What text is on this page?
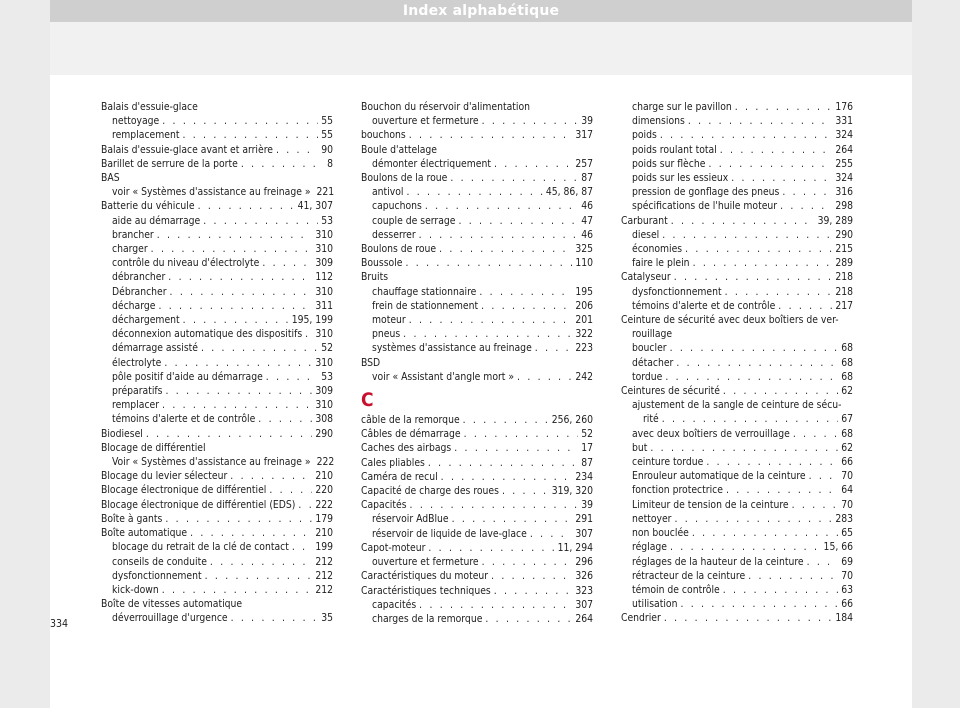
Index alphabétique
Balais d'essuie-glace
nettoyage . . .	55
remplacement . . .	55
Balais d'essuie-glace avant et arrière . . .	90
Barillet de serrure de la porte . . .	8
BAS
voir « Systèmes d'assistance au freinage » 221
Batterie du véhicule . . .	41, 307
aide au démarrage . . .	53
brancher . . .	310
charger . . .	310
contrôle du niveau d'électrolyte . . .	309
débrancher . . .	112
Débrancher . . .	310
décharge . . .	311
déchargement . . .	195, 199
déconnexion automatique des dispositifs . . . 310
démarrage assisté . . .	52
électrolyte . . .	310
pôle positif d'aide au démarrage . . .	53
préparatifs . . .	309
remplacer . . .	310
témoins d'alerte et de contrôle . . .	308
Biodiesel . . .	290
Blocage de différentiel
Voir « Systèmes d'assistance au freinage » 222
Blocage du levier sélecteur . . .	210
Blocage électronique de différentiel . . .	220
Blocage électronique de différentiel (EDS) . . . 222
Boîte à gants . . .	179
Boîte automatique . . .	210
blocage du retrait de la clé de contact . . .	199
conseils de conduite . . .	212
dysfonctionnement . . .	212
kick-down . . .	212
Boîte de vitesses automatique
déverrouillage d'urgence . . .	35
Bouchon du réservoir d'alimentation
ouverture et fermeture . . .	39
bouchons . . .	317
Boule d'attelage
démonter électriquement . . .	257
Boulons de la roue . . .	87
antivol . . .	45, 86, 87
capuchons . . .	46
couple de serrage . . .	47
desserrer . . .	46
Boulons de roue . . .	325
Boussole . . .	110
Bruits
chauffage stationnaire . . .	195
frein de stationnement . . .	206
moteur . . .	201
pneus . . .	322
systèmes d'assistance au freinage . . .	223
BSD
voir « Assistant d'angle mort » . . .	242
C
câble de la remorque . . .	256, 260
Câbles de démarrage . . .	52
Caches des airbags . . .	17
Cales pliables . . .	87
Caméra de recul . . .	234
Capacité de charge des roues . . .	319, 320
Capacités . . .	39
réservoir AdBlue . . .	291
réservoir de liquide de lave-glace . . .	307
Capot-moteur . . .	11, 294
ouverture et fermeture . . .	296
Caractéristiques du moteur . . .	326
Caractéristiques techniques . . .	323
capacités . . .	307
charges de la remorque . . .	264
charge sur le pavillon . . .	176
dimensions . . .	331
poids . . .	324
poids roulant total . . .	264
poids sur flèche . . .	255
poids sur les essieux . . .	324
pression de gonflage des pneus . . .	316
spécifications de l'huile moteur . . .	298
Carburant . . .	39, 289
diesel . . .	290
économies . . .	215
faire le plein . . .	289
Catalyseur . . .	218
dysfonctionnement . . .	218
témoins d'alerte et de contrôle . . .	217
Ceinture de sécurité avec deux boîtiers de ver-
rouillage
boucler . . .	68
détacher . . .	68
tordue . . .	68
Ceintures de sécurité . . .	62
ajustement de la sangle de ceinture de sécu-
rité . . .	67
avec deux boîtiers de verrouillage . . .	68
but . . .	62
ceinture tordue . . .	66
Enrouleur automatique de la ceinture . . .	70
fonction protectrice . . .	64
Limiteur de tension de la ceinture . . .	70
nettoyer . . .	283
non bouclée . . .	65
réglage . . .	15, 66
réglages de la hauteur de la ceinture . . .	69
rétracteur de la ceinture . . .	70
témoin de contrôle . . .	63
utilisation . . .	66
Cendrier . . .	184
334
